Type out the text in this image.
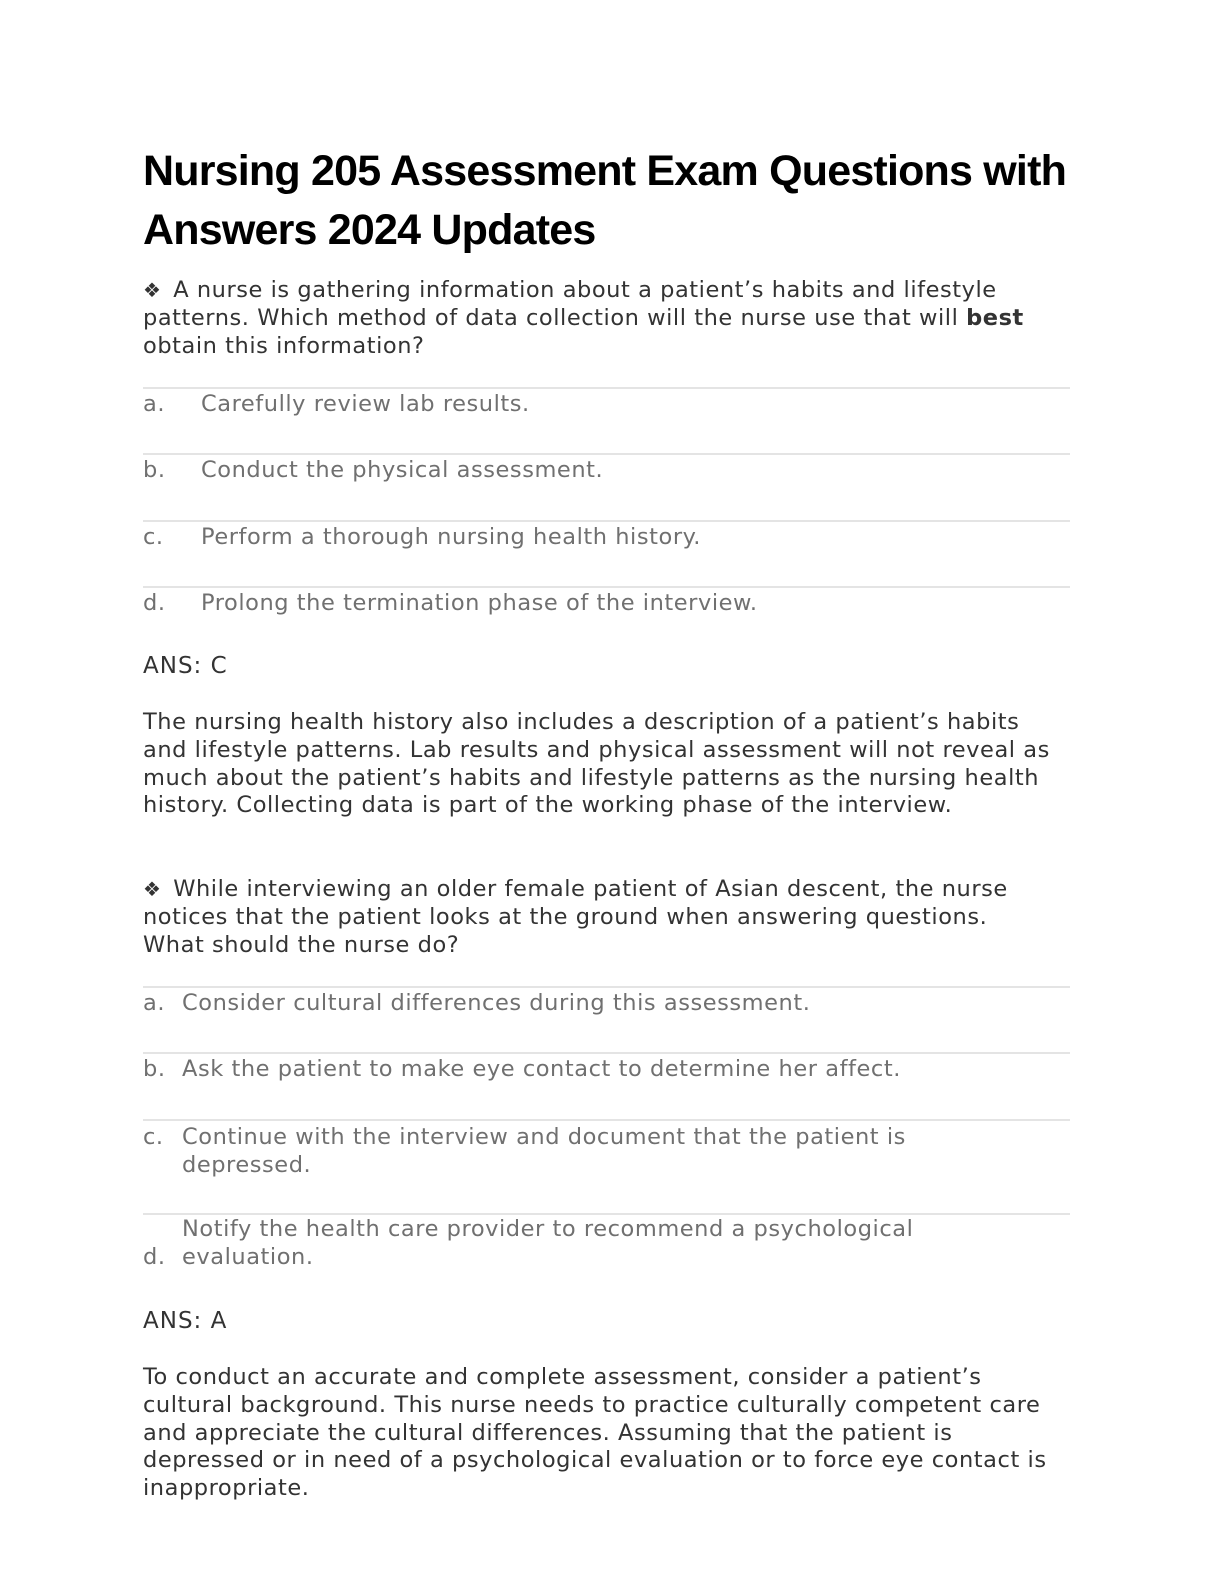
Nursing 205 Assessment Exam Questions with
Answers 2024 Updates

❖ A nurse is gathering information about a patient’s habits and lifestyle patterns. Which method of data collection will the nurse use that will best obtain this information?

a. Carefully review lab results.
b. Conduct the physical assessment.
c. Perform a thorough nursing health history.
d. Prolong the termination phase of the interview.

ANS: C

The nursing health history also includes a description of a patient’s habits and lifestyle patterns. Lab results and physical assessment will not reveal as much about the patient’s habits and lifestyle patterns as the nursing health history. Collecting data is part of the working phase of the interview.

❖ While interviewing an older female patient of Asian descent, the nurse notices that the patient looks at the ground when answering questions. What should the nurse do?

a. Consider cultural differences during this assessment.
b. Ask the patient to make eye contact to determine her affect.
c. Continue with the interview and document that the patient is depressed.
d.
Notify the health care provider to recommend a psychological evaluation.

ANS: A

To conduct an accurate and complete assessment, consider a patient’s cultural background. This nurse needs to practice culturally competent care and appreciate the cultural differences. Assuming that the patient is depressed or in need of a psychological evaluation or to force eye contact is inappropriate.
